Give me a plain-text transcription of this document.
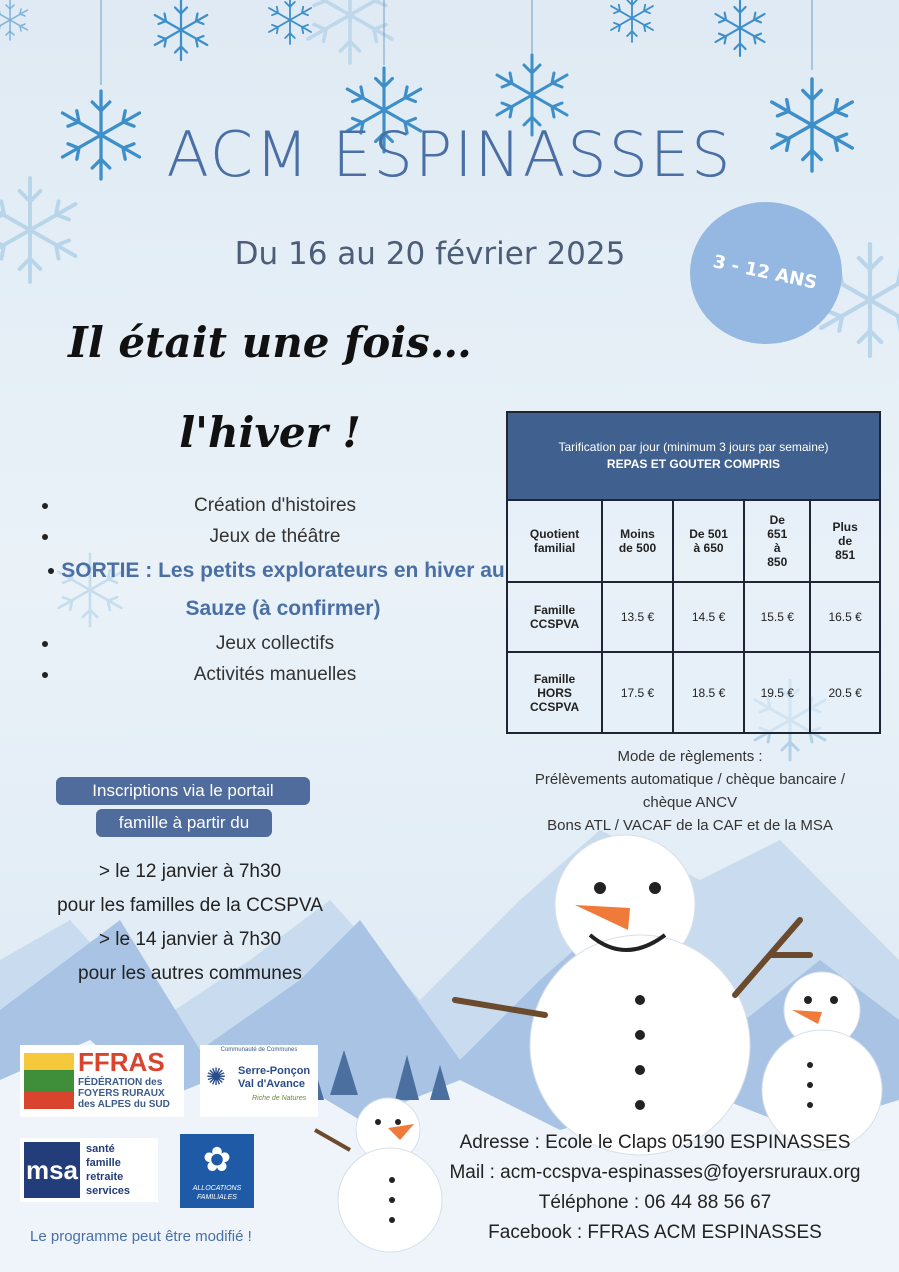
ACM ESPINASSES
Du 16 au 20 février 2025	3 - 12 ANS
Il était une fois…
l'hiver !
Création d'histoires
Jeux de théâtre
SORTIE : Les petits explorateurs en hiver au Sauze (à confirmer)
Jeux collectifs
Activités manuelles
Tarification par jour (minimum 3 jours par semaine)
REPAS ET GOUTER COMPRIS				

Quotient familial	Moins de 500	De 501 à 650	De 651 à 850	Plus de 851
Famille CCSPVA	13.5 €	14.5 €	15.5 €	16.5 €
Famille HORS CCSPVA	17.5 €	18.5 €	19.5 €	20.5 €
Mode de règlements :
Prélèvements automatique / chèque bancaire /
chèque ANCV
Bons ATL / VACAF de la CAF et de la MSA
Inscriptions via le portail
famille à partir du
> le 12 janvier à 7h30
pour les familles de la CCSPVA
> le 14 janvier à 7h30
pour les autres communes
FFRAS
FÉDÉRATION des
FOYERS RURAUX
des ALPES du SUD
Communauté de Communes
✺ Serre-Ponçon
Val d'Avance
Riche de Natures
msa
santé
famille
retraite
services
✿
ALLOCATIONS
FAMILIALES
Adresse : Ecole le Claps 05190 ESPINASSES
Mail : acm-ccspva-espinasses@foyersruraux.org
Téléphone : 06 44 88 56 67
Facebook : FFRAS ACM ESPINASSES
Le programme peut être modifié !
